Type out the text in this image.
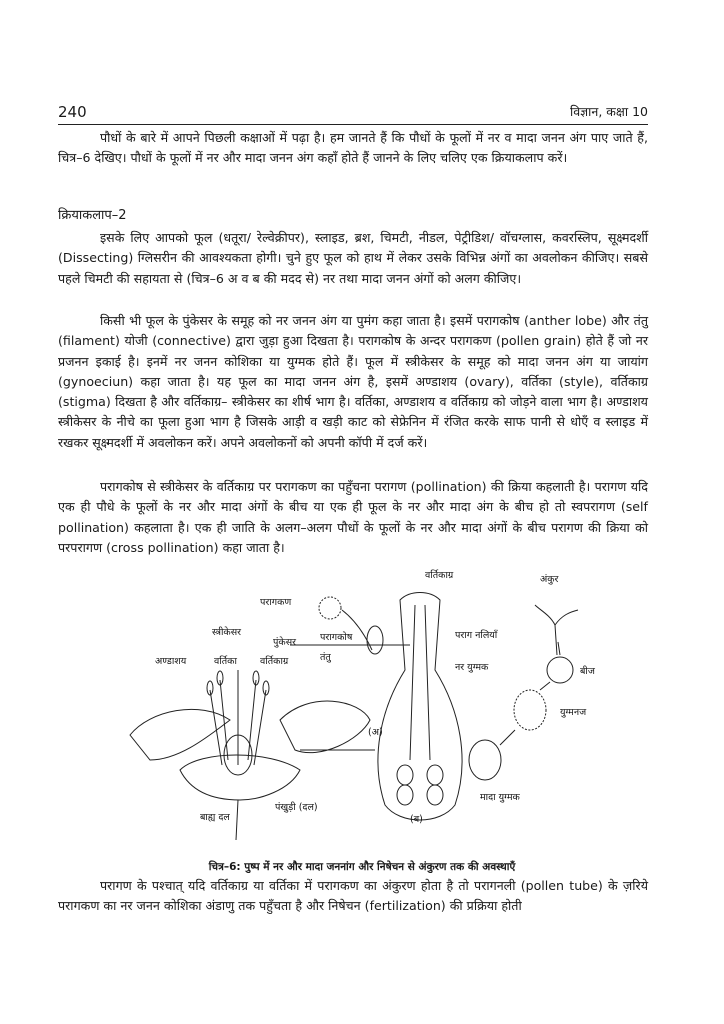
240	विज्ञान, कक्षा 10

पौधों के बारे में आपने पिछली कक्षाओं में पढ़ा है। हम जानते हैं कि पौधों के फूलों में नर व मादा जनन अंग पाए जाते हैं, चित्र–6 देखिए। पौधों के फूलों में नर और मादा जनन अंग कहाँ होते हैं जानने के लिए चलिए एक क्रियाकलाप करें।

क्रियाकलाप–2

इसके लिए आपको फूल (धतूरा/ रेल्वेक्रीपर), स्लाइड, ब्रश, चिमटी, नीडल, पेट्रीडिश/ वॉचग्लास, कवरस्लिप, सूक्ष्मदर्शी (Dissecting) ग्लिसरीन की आवश्यकता होगी। चुने हुए फूल को हाथ में लेकर उसके विभिन्न अंगों का अवलोकन कीजिए। सबसे पहले चिमटी की सहायता से (चित्र–6 अ व ब की मदद से) नर तथा मादा जनन अंगों को अलग कीजिए।

किसी भी फूल के पुंकेसर के समूह को नर जनन अंग या पुमंग कहा जाता है। इसमें परागकोष (anther lobe) और तंतु (filament) योजी (connective) द्वारा जुड़ा हुआ दिखता है। परागकोष के अन्दर परागकण (pollen grain) होते हैं जो नर प्रजनन इकाई है। इनमें नर जनन कोशिका या युग्मक होते हैं। फूल में स्त्रीकेसर के समूह को मादा जनन अंग या जायांग (gynoeciun) कहा जाता है। यह फूल का मादा जनन अंग है, इसमें अण्डाशय (ovary), वर्तिका (style), वर्तिकाग्र (stigma) दिखता है और वर्तिकाग्र– स्त्रीकेसर का शीर्ष भाग है। वर्तिका, अण्डाशय व वर्तिकाग्र को जोड़ने वाला भाग है। अण्डाशय स्त्रीकेसर के नीचे का फूला हुआ भाग है जिसके आड़ी व खड़ी काट को सेफ्रेनिन में रंजित करके साफ पानी से धोएँ व स्लाइड में रखकर सूक्ष्मदर्शी में अवलोकन करें। अपने अवलोकनों को अपनी कॉपी में दर्ज करें।

परागकोष से स्त्रीकेसर के वर्तिकाग्र पर परागकण का पहुँचना परागण (pollination) की क्रिया कहलाती है। परागण यदि एक ही पौधे के फूलों के नर और मादा अंगों के बीच या एक ही फूल के नर और मादा अंग के बीच हो तो स्वपरागण (self pollination) कहलाता है। एक ही जाति के अलग–अलग पौधों के फूलों के नर और मादा अंगों के बीच परागण की क्रिया को परपरागण (cross pollination) कहा जाता है।

परागकण
वर्तिकाग्र
स्त्रीकेसर
पुंकेसर	परागकोष
तंतु
अण्डाशय	वर्तिका वर्तिकाग्र
पराग नलियाँ
नर युग्मक
अंकुर
बीज
युग्मनज
मादा युग्मक
(अ)
(ब)
बाह्य दल
पंखुड़ी (दल)
चित्र–6: पुष्प में नर और मादा जननांग और निषेचन से अंकुरण तक की अवस्थाएँ

परागण के पश्चात् यदि वर्तिकाग्र या वर्तिका में परागकण का अंकुरण होता है तो परागनली (pollen tube) के ज़रिये परागकण का नर जनन कोशिका अंडाणु तक पहुँचता है और निषेचन (fertilization) की प्रक्रिया होती
